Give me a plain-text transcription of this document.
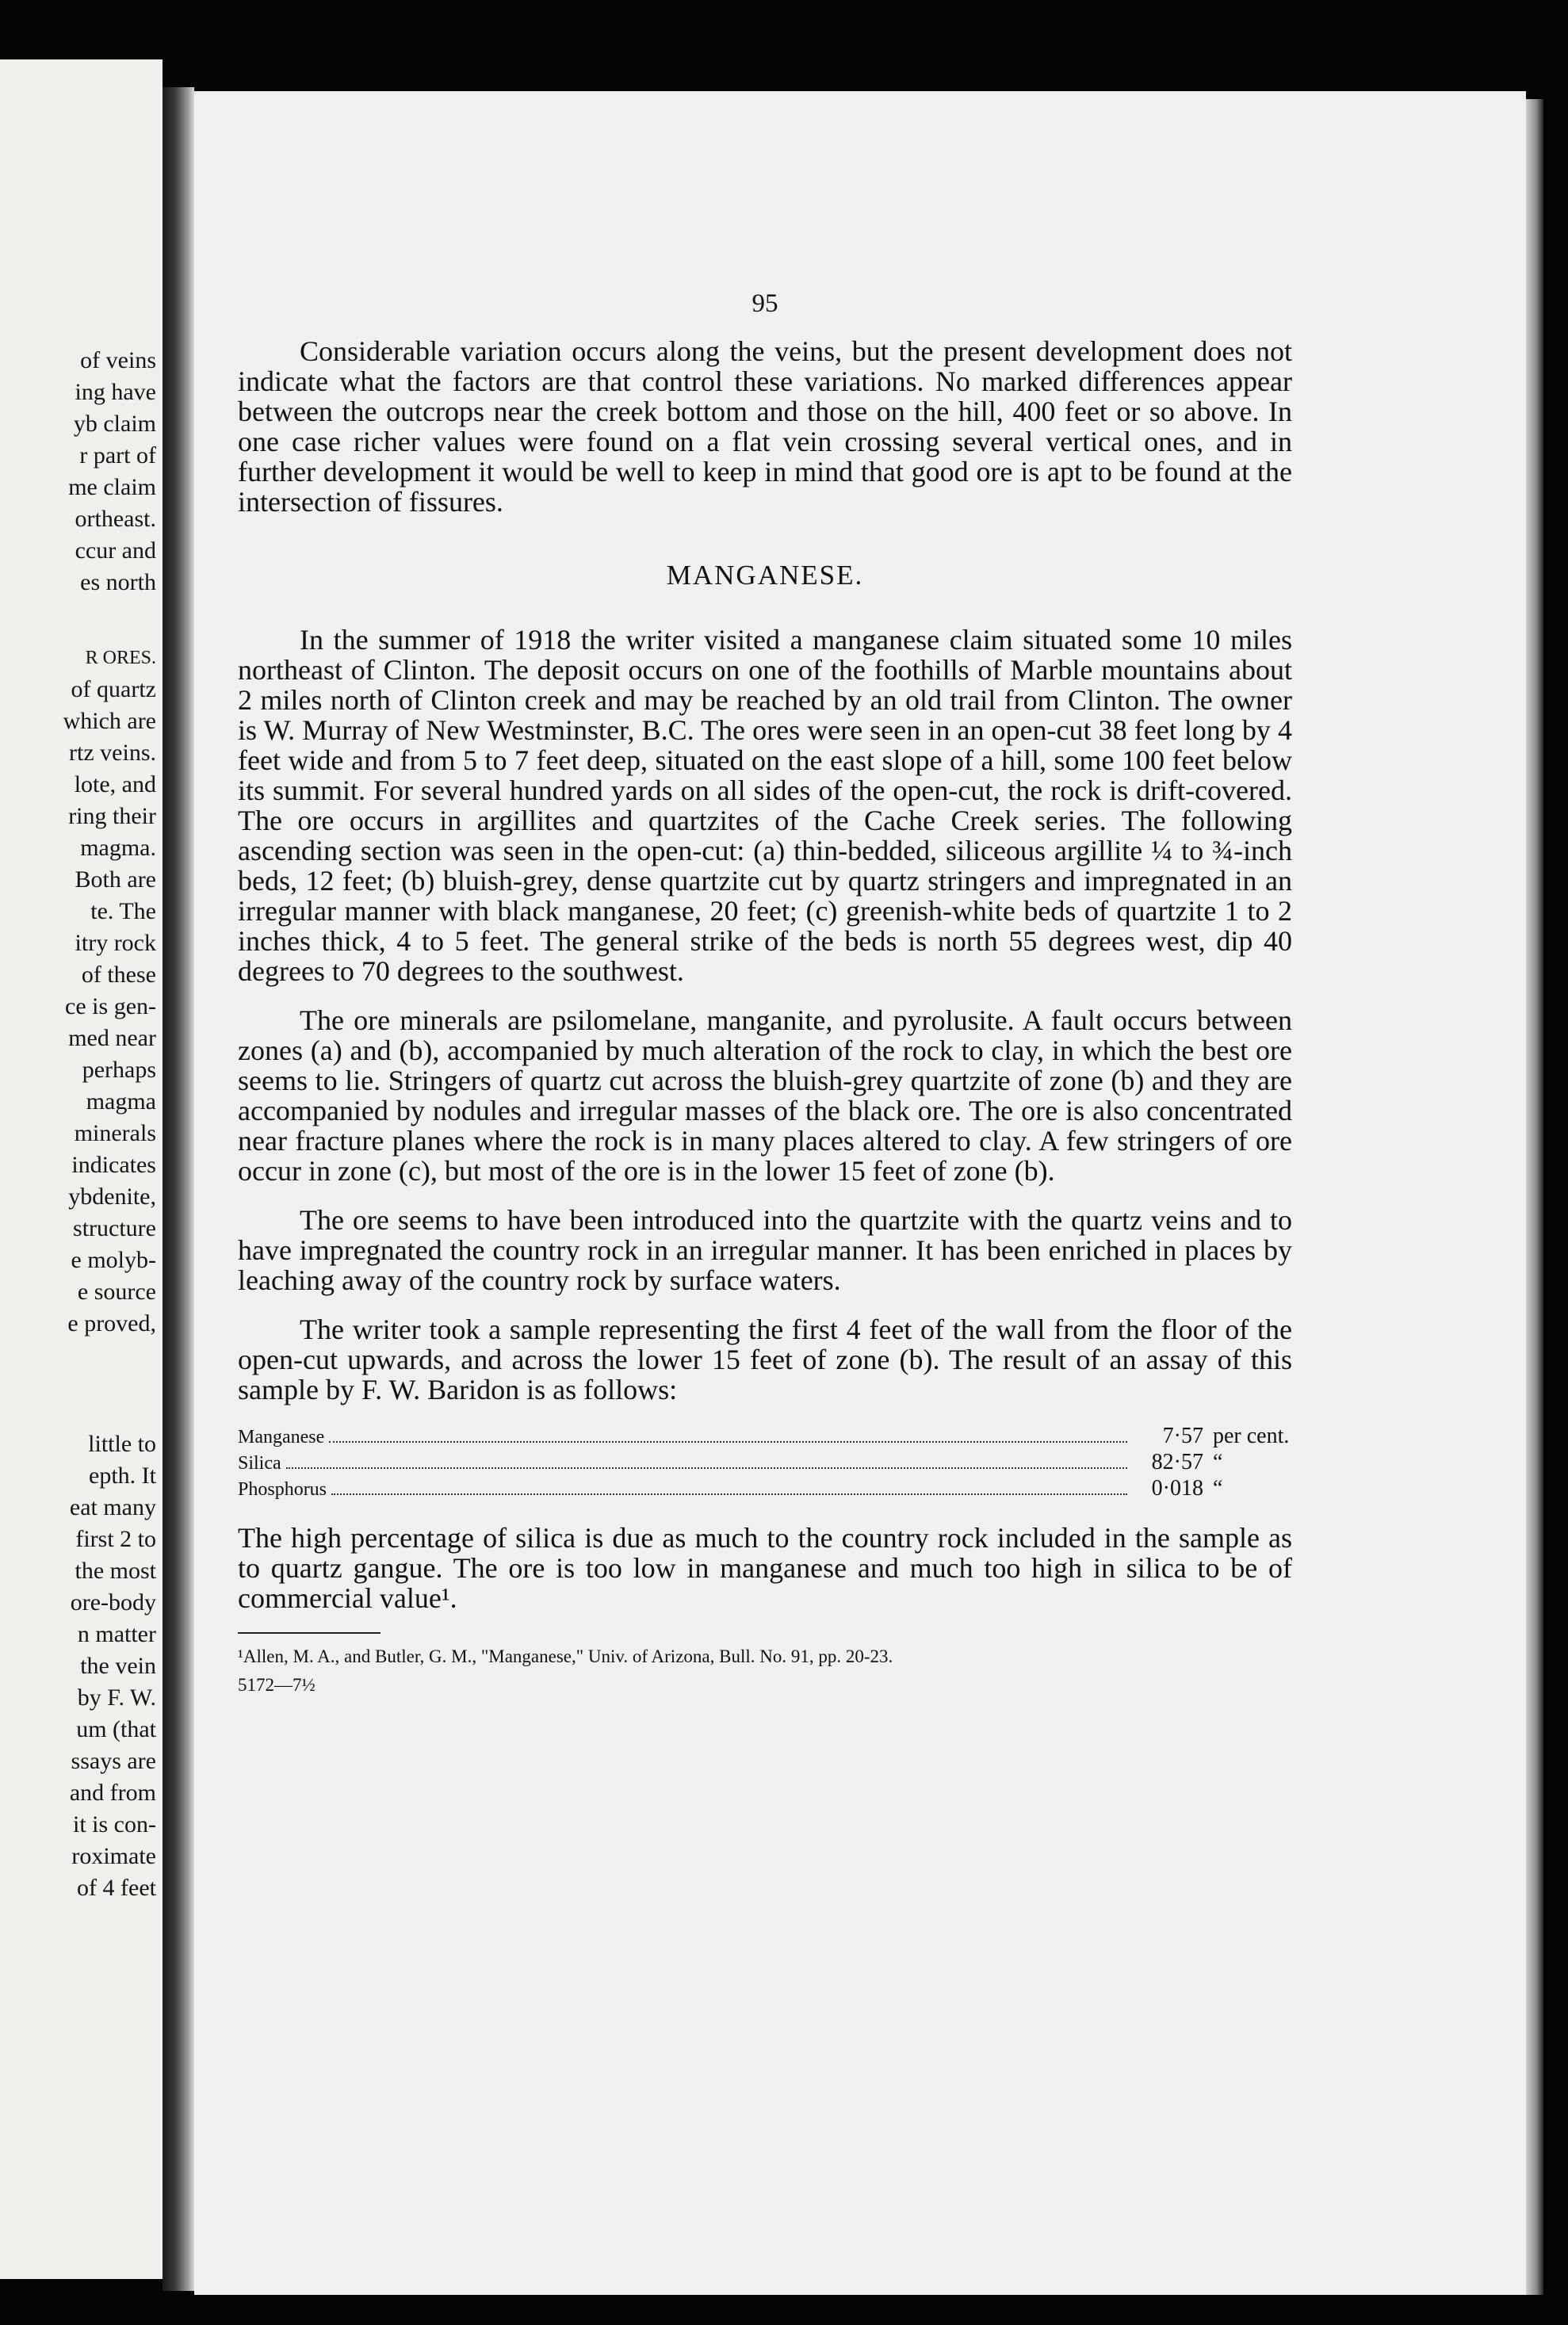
of veins
ing have
yb claim
r part of
me claim
ortheast.
ccur and
es north
R ORES.
of quartz
which are
rtz veins.
lote, and
ring their
magma.
Both are
te. The
itry rock
of these
ce is gen-
med near
perhaps
magma
minerals
indicates
ybdenite,
structure
e molyb-
e source
e proved,
little to
epth. It
eat many
first 2 to
the most
ore-body
n matter
the vein
by F. W.
um (that
ssays are
and from
it is con-
roximate
of 4 feet
95

Considerable variation occurs along the veins, but the present development does not indicate what the factors are that control these variations. No marked differences appear between the outcrops near the creek bottom and those on the hill, 400 feet or so above. In one case richer values were found on a flat vein crossing several vertical ones, and in further development it would be well to keep in mind that good ore is apt to be found at the intersection of fissures.

MANGANESE.

In the summer of 1918 the writer visited a manganese claim situated some 10 miles northeast of Clinton. The deposit occurs on one of the foothills of Marble mountains about 2 miles north of Clinton creek and may be reached by an old trail from Clinton. The owner is W. Murray of New Westminster, B.C. The ores were seen in an open-cut 38 feet long by 4 feet wide and from 5 to 7 feet deep, situated on the east slope of a hill, some 100 feet below its summit. For several hundred yards on all sides of the open-cut, the rock is drift-covered. The ore occurs in argillites and quartzites of the Cache Creek series. The following ascending section was seen in the open-cut: (a) thin-bedded, siliceous argillite ¼ to ¾-inch beds, 12 feet; (b) bluish-grey, dense quartzite cut by quartz stringers and impregnated in an irregular manner with black manganese, 20 feet; (c) greenish-white beds of quartzite 1 to 2 inches thick, 4 to 5 feet. The general strike of the beds is north 55 degrees west, dip 40 degrees to 70 degrees to the southwest.

The ore minerals are psilomelane, manganite, and pyrolusite. A fault occurs between zones (a) and (b), accompanied by much alteration of the rock to clay, in which the best ore seems to lie. Stringers of quartz cut across the bluish-grey quartzite of zone (b) and they are accompanied by nodules and irregular masses of the black ore. The ore is also concentrated near fracture planes where the rock is in many places altered to clay. A few stringers of ore occur in zone (c), but most of the ore is in the lower 15 feet of zone (b).

The ore seems to have been introduced into the quartzite with the quartz veins and to have impregnated the country rock in an irregular manner. It has been enriched in places by leaching away of the country rock by surface waters.

The writer took a sample representing the first 4 feet of the wall from the floor of the open-cut upwards, and across the lower 15 feet of zone (b). The result of an assay of this sample by F. W. Baridon is as follows:

Manganese	7·57 per cent.
Silica	82·57 “
Phosphorus	0·018 “

The high percentage of silica is due as much to the country rock included in the sample as to quartz gangue. The ore is too low in manganese and much too high in silica to be of commercial value¹.

¹Allen, M. A., and Butler, G. M., "Manganese," Univ. of Arizona, Bull. No. 91, pp. 20-23.
5172—7½
